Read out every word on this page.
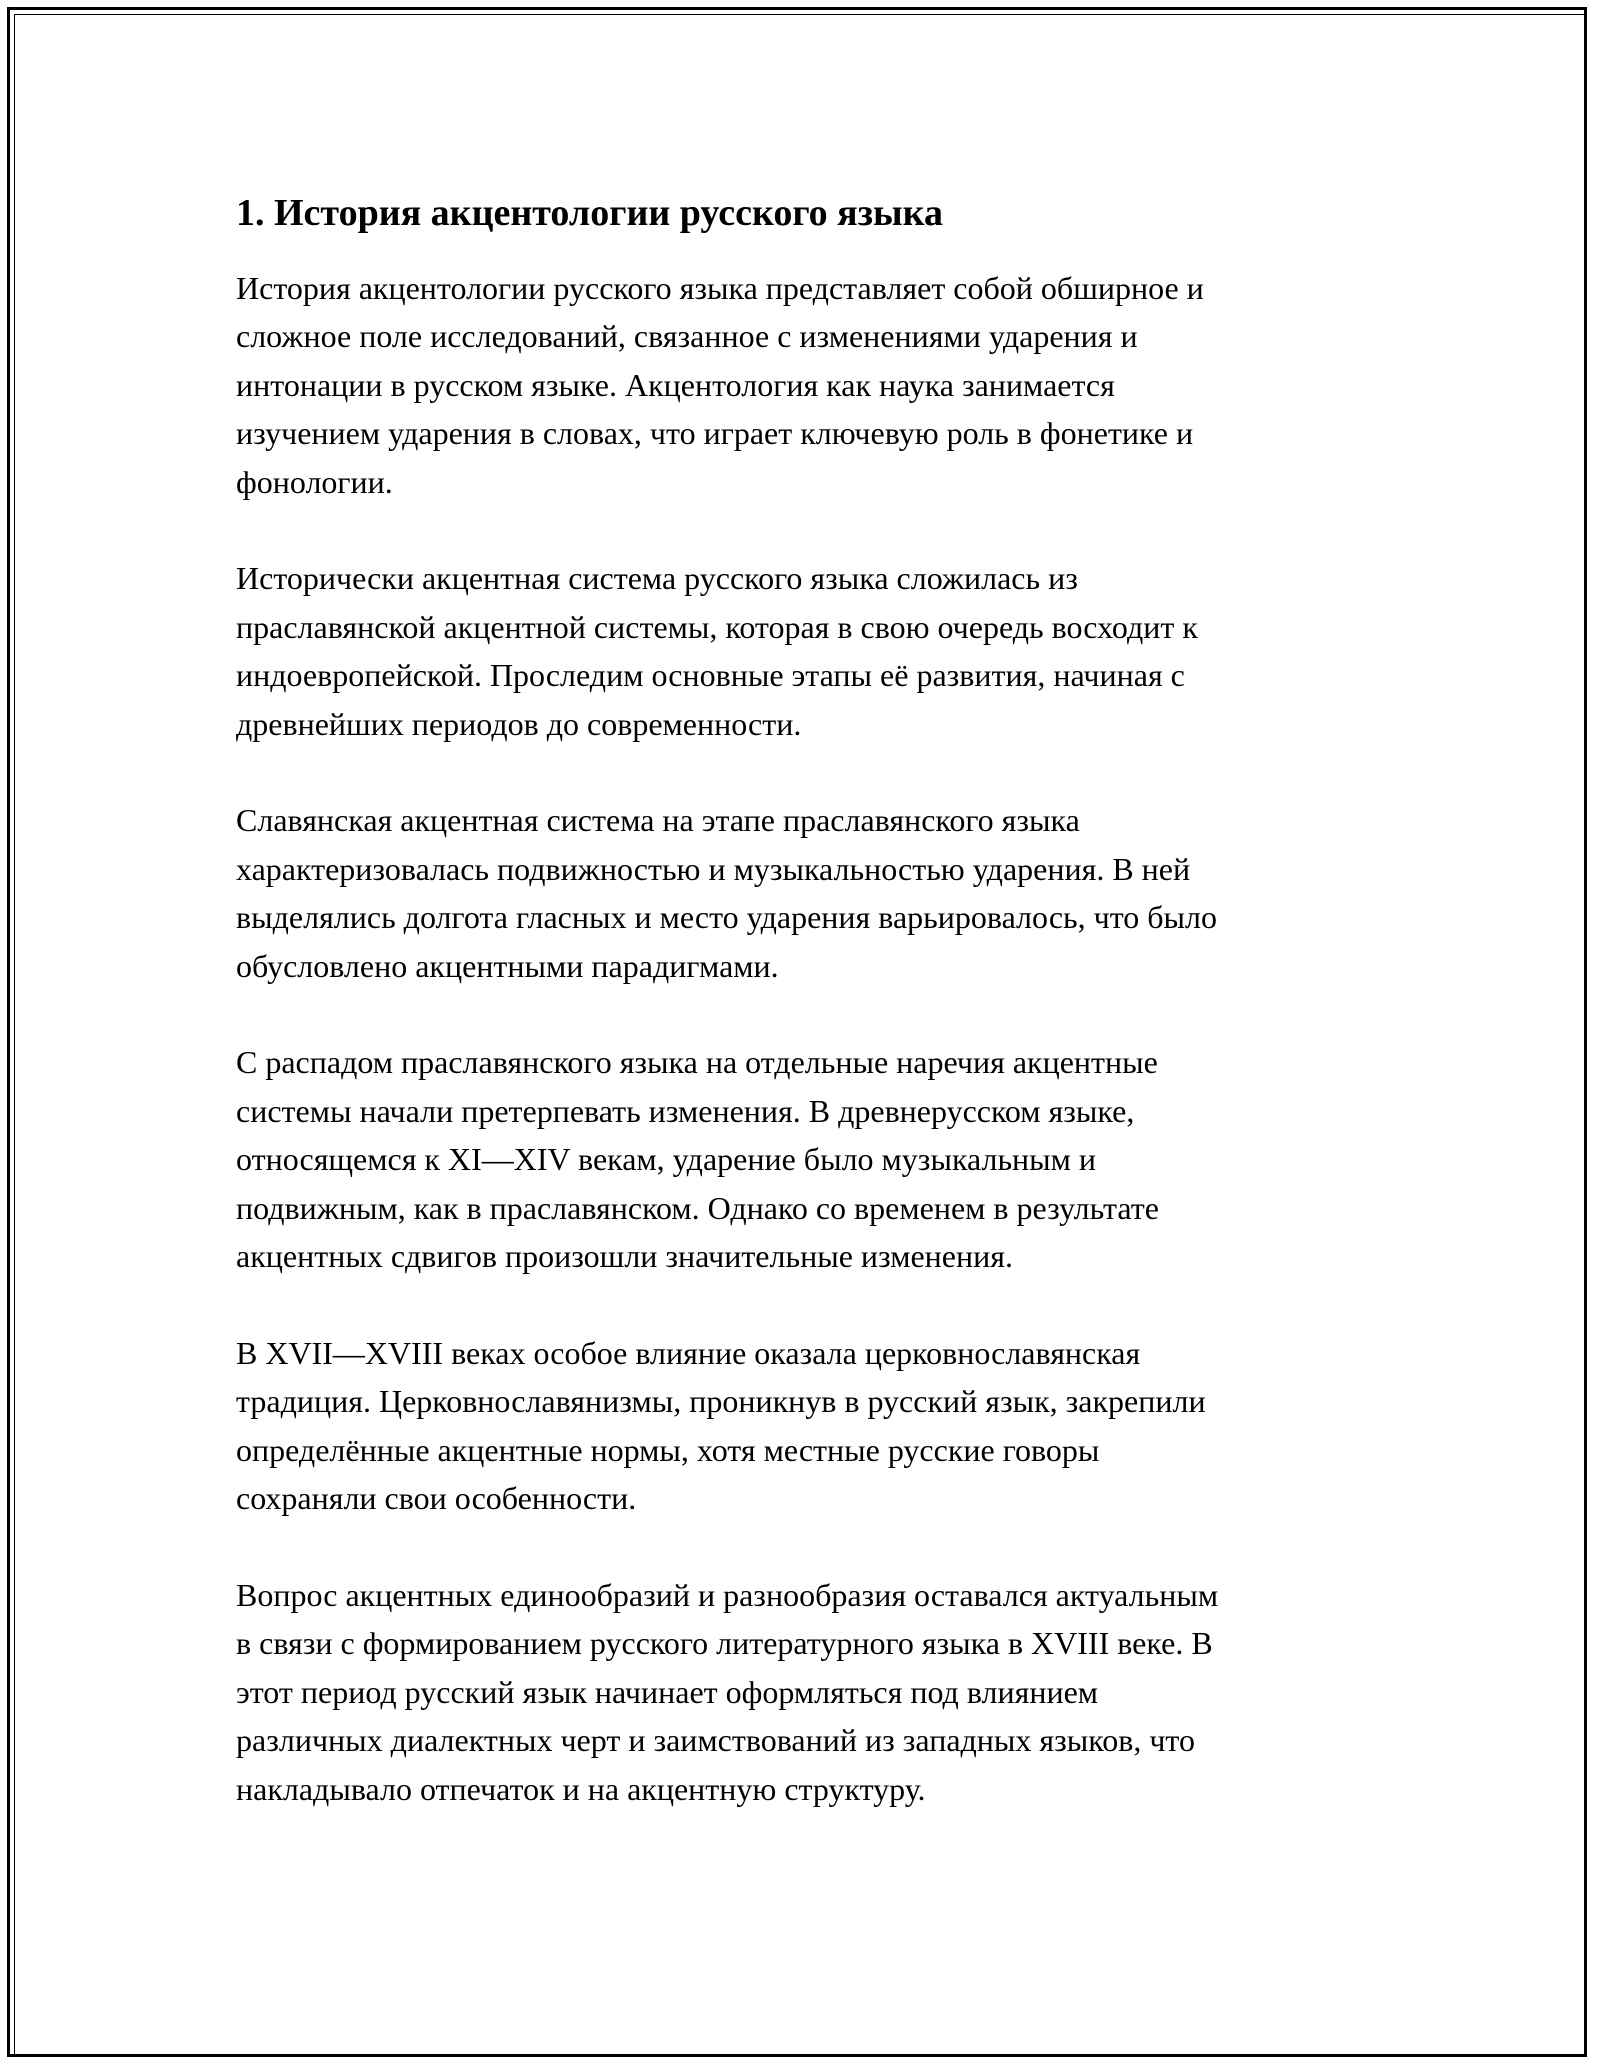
1. История акцентологии русского языка

История акцентологии русского языка представляет собой обширное и
сложное поле исследований, связанное с изменениями ударения и
интонации в русском языке. Акцентология как наука занимается
изучением ударения в словах, что играет ключевую роль в фонетике и
фонологии.

Исторически акцентная система русского языка сложилась из
праславянской акцентной системы, которая в свою очередь восходит к
индоевропейской. Проследим основные этапы её развития, начиная с
древнейших периодов до современности.

Славянская акцентная система на этапе праславянского языка
характеризовалась подвижностью и музыкальностью ударения. В ней
выделялись долгота гласных и место ударения варьировалось, что было
обусловлено акцентными парадигмами.

С распадом праславянского языка на отдельные наречия акцентные
системы начали претерпевать изменения. В древнерусском языке,
относящемся к XI—XIV векам, ударение было музыкальным и
подвижным, как в праславянском. Однако со временем в результате
акцентных сдвигов произошли значительные изменения.

В XVII—XVIII веках особое влияние оказала церковнославянская
традиция. Церковнославянизмы, проникнув в русский язык, закрепили
определённые акцентные нормы, хотя местные русские говоры
сохраняли свои особенности.

Вопрос акцентных единообразий и разнообразия оставался актуальным
в связи с формированием русского литературного языка в XVIII веке. В
этот период русский язык начинает оформляться под влиянием
различных диалектных черт и заимствований из западных языков, что
накладывало отпечаток и на акцентную структуру.
